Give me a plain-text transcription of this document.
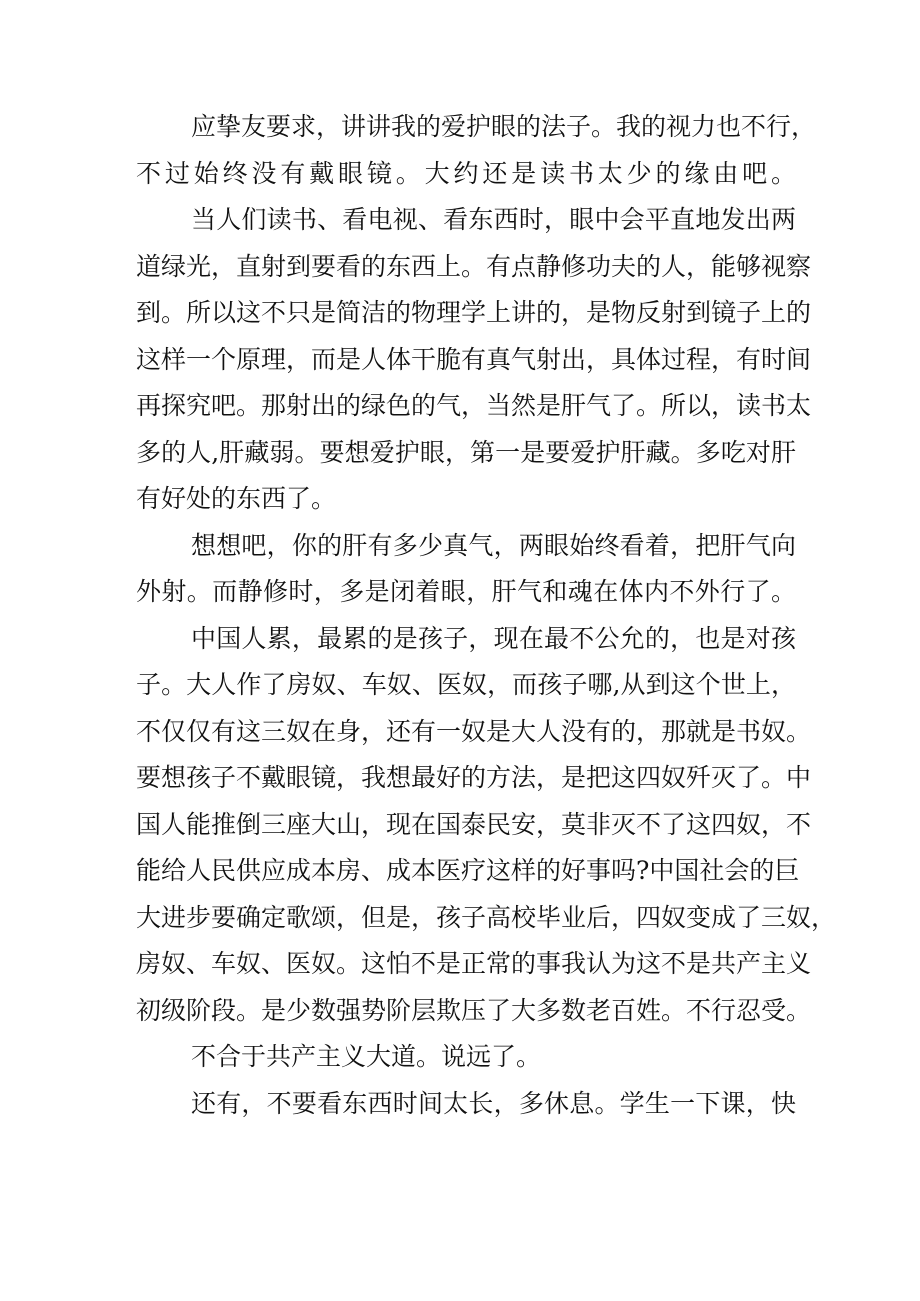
应挚友要求，讲讲我的爱护眼的法子。我的视力也不行，
不过始终没有戴眼镜。大约还是读书太少的缘由吧。
当人们读书、看电视、看东西时，眼中会平直地发出两
道绿光，直射到要看的东西上。有点静修功夫的人，能够视察
到。所以这不只是简洁的物理学上讲的，是物反射到镜子上的
这样一个原理，而是人体干脆有真气射出，具体过程，有时间
再探究吧。那射出的绿色的气，当然是肝气了。所以，读书太
多的人,肝藏弱。要想爱护眼，第一是要爱护肝藏。多吃对肝
有好处的东西了。
想想吧，你的肝有多少真气，两眼始终看着，把肝气向
外射。而静修时，多是闭着眼，肝气和魂在体内不外行了。
中国人累，最累的是孩子，现在最不公允的，也是对孩
子。大人作了房奴、车奴、医奴，而孩子哪,从到这个世上，
不仅仅有这三奴在身，还有一奴是大人没有的，那就是书奴。
要想孩子不戴眼镜，我想最好的方法，是把这四奴歼灭了。中
国人能推倒三座大山，现在国泰民安，莫非灭不了这四奴，不
能给人民供应成本房、成本医疗这样的好事吗?中国社会的巨
大进步要确定歌颂，但是，孩子高校毕业后，四奴变成了三奴，
房奴、车奴、医奴。这怕不是正常的事我认为这不是共产主义
初级阶段。是少数强势阶层欺压了大多数老百姓。不行忍受。
不合于共产主义大道。说远了。
还有，不要看东西时间太长，多休息。学生一下课，快
